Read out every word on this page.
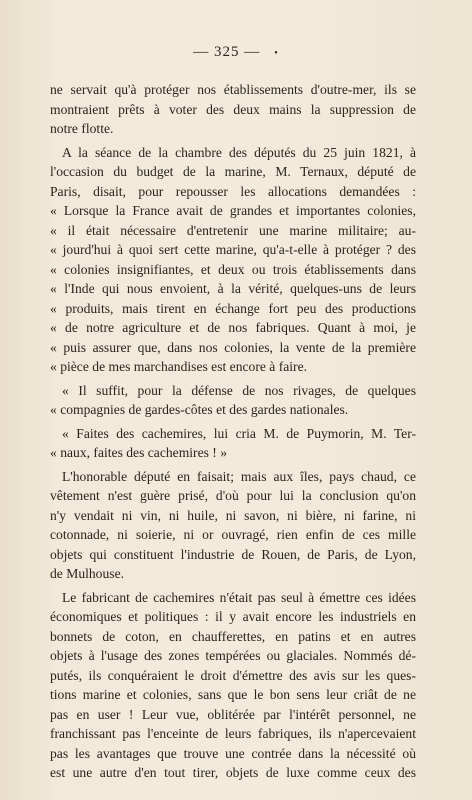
— 325 — •
ne servait qu'à protéger nos établissements d'outre-mer, ils se
montraient prêts à voter des deux mains la suppression de
notre flotte.
A la séance de la chambre des députés du 25 juin 1821, à
l'occasion du budget de la marine, M. Ternaux, député de
Paris, disait, pour repousser les allocations demandées :
« Lorsque la France avait de grandes et importantes colonies,
« il était nécessaire d'entretenir une marine militaire; au-
« jourd'hui à quoi sert cette marine, qu'a-t-elle à protéger ? des
« colonies insignifiantes, et deux ou trois établissements dans
« l'Inde qui nous envoient, à la vérité, quelques-uns de leurs
« produits, mais tirent en échange fort peu des productions
« de notre agriculture et de nos fabriques. Quant à moi, je
« puis assurer que, dans nos colonies, la vente de la première
« pièce de mes marchandises est encore à faire.
« Il suffit, pour la défense de nos rivages, de quelques
« compagnies de gardes-côtes et des gardes nationales.
« Faites des cachemires, lui cria M. de Puymorin, M. Ter-
« naux, faites des cachemires ! »
L'honorable député en faisait; mais aux îles, pays chaud, ce
vêtement n'est guère prisé, d'où pour lui la conclusion qu'on
n'y vendait ni vin, ni huile, ni savon, ni bière, ni farine, ni
cotonnade, ni soierie, ni or ouvragé, rien enfin de ces mille
objets qui constituent l'industrie de Rouen, de Paris, de Lyon,
de Mulhouse.
Le fabricant de cachemires n'était pas seul à émettre ces idées
économiques et politiques : il y avait encore les industriels en
bonnets de coton, en chaufferettes, en patins et en autres
objets à l'usage des zones tempérées ou glaciales. Nommés dé-
putés, ils conquéraient le droit d'émettre des avis sur les ques-
tions marine et colonies, sans que le bon sens leur criât de ne
pas en user ! Leur vue, oblitérée par l'intérêt personnel, ne
franchissant pas l'enceinte de leurs fabriques, ils n'apercevaient
pas les avantages que trouve une contrée dans la nécessité où
est une autre d'en tout tirer, objets de luxe comme ceux des
